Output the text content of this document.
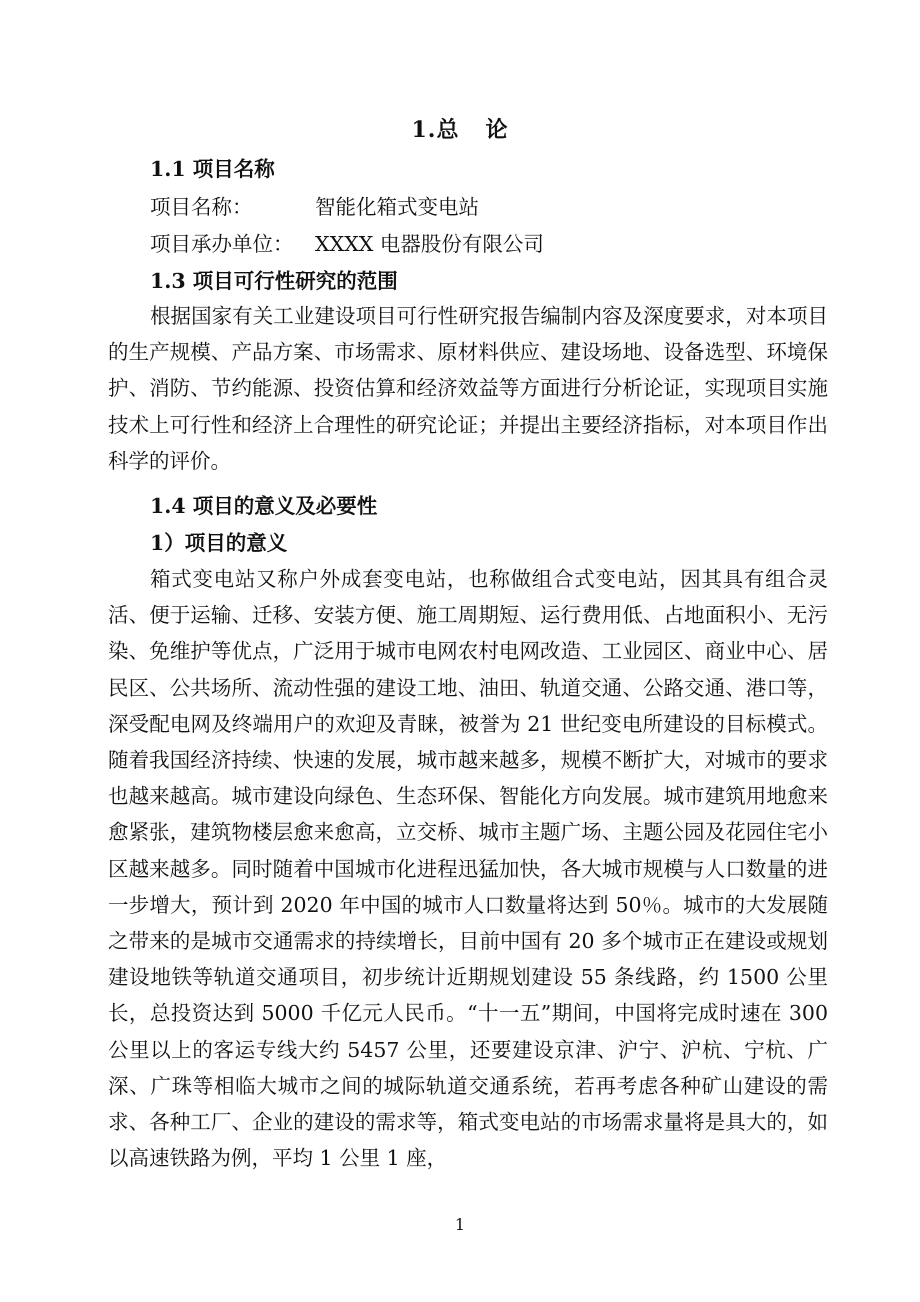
1.总 论
1.1 项目名称
项目名称：	智能化箱式变电站
项目承办单位： XXXX 电器股份有限公司
1.3 项目可行性研究的范围

根据国家有关工业建设项目可行性研究报告编制内容及深度要求，对本项目的生产规模、产品方案、市场需求、原材料供应、建设场地、设备选型、环境保护、消防、节约能源、投资估算和经济效益等方面进行分析论证，实现项目实施技术上可行性和经济上合理性的研究论证；并提出主要经济指标，对本项目作出科学的评价。

1.4 项目的意义及必要性
1）项目的意义

箱式变电站又称户外成套变电站，也称做组合式变电站，因其具有组合灵活、便于运输、迁移、安装方便、施工周期短、运行费用低、占地面积小、无污染、免维护等优点，广泛用于城市电网农村电网改造、工业园区、商业中心、居民区、公共场所、流动性强的建设工地、油田、轨道交通、公路交通、港口等，深受配电网及终端用户的欢迎及青睐，被誉为 21 世纪变电所建设的目标模式。随着我国经济持续、快速的发展，城市越来越多，规模不断扩大，对城市的要求也越来越高。城市建设向绿色、生态环保、智能化方向发展。城市建筑用地愈来愈紧张，建筑物楼层愈来愈高，立交桥、城市主题广场、主题公园及花园住宅小区越来越多。同时随着中国城市化进程迅猛加快，各大城市规模与人口数量的进一步增大，预计到 2020 年中国的城市人口数量将达到 50％。城市的大发展随之带来的是城市交通需求的持续增长，目前中国有 20 多个城市正在建设或规划建设地铁等轨道交通项目，初步统计近期规划建设 55 条线路，约 1500 公里长，总投资达到 5000 千亿元人民币。“十一五”期间，中国将完成时速在 300 公里以上的客运专线大约 5457 公里，还要建设京津、沪宁、沪杭、宁杭、广深、广珠等相临大城市之间的城际轨道交通系统，若再考虑各种矿山建设的需求、各种工厂、企业的建设的需求等，箱式变电站的市场需求量将是具大的，如以高速铁路为例，平均 1 公里 1 座，

1
